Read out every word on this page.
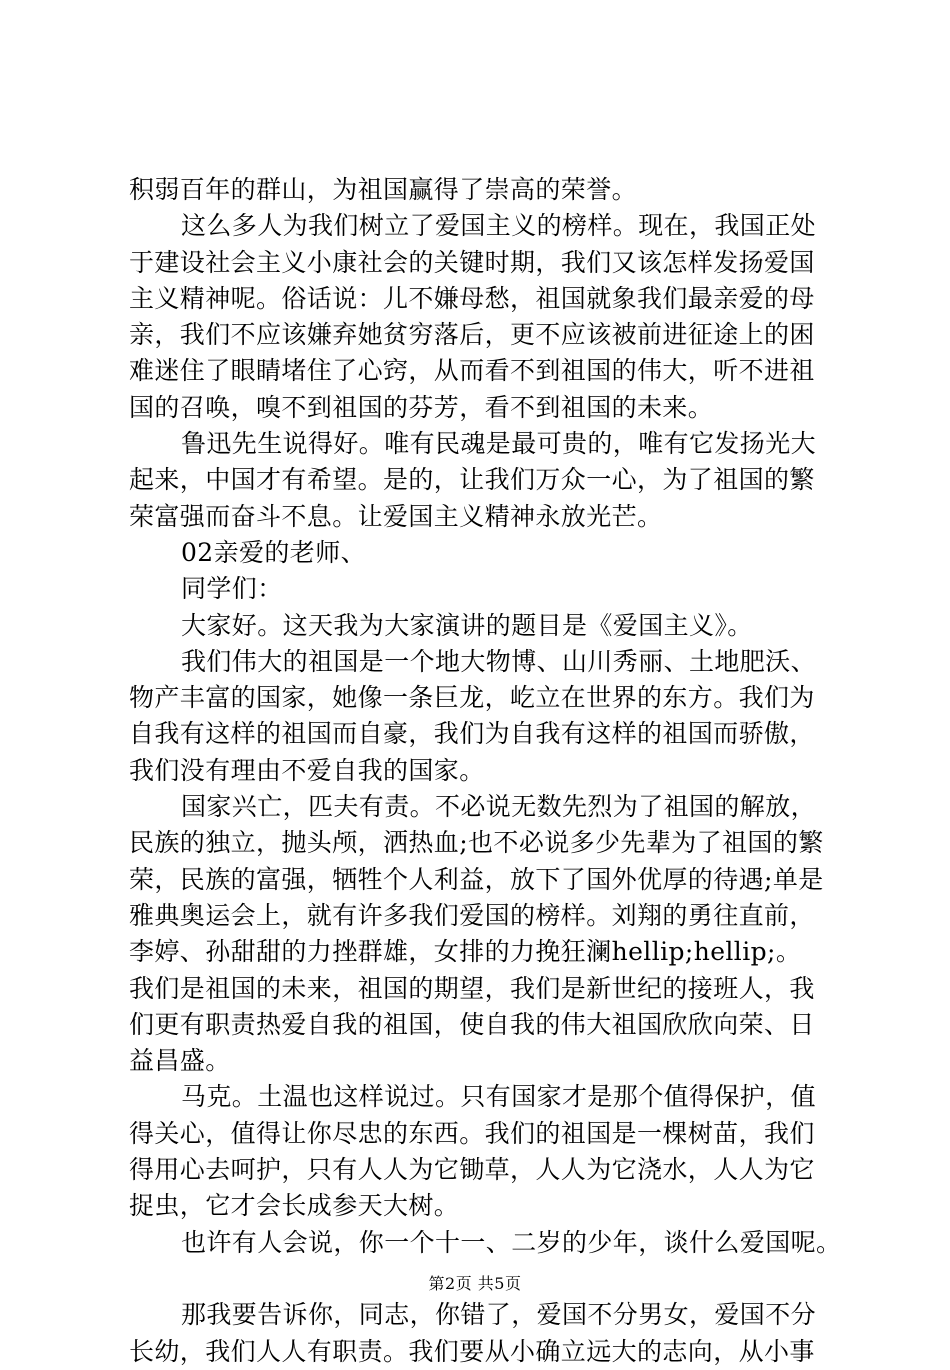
积弱百年的群山，为祖国赢得了崇高的荣誉。
这么多人为我们树立了爱国主义的榜样。现在，我国正处
于建设社会主义小康社会的关键时期，我们又该怎样发扬爱国
主义精神呢。俗话说：儿不嫌母愁，祖国就象我们最亲爱的母
亲，我们不应该嫌弃她贫穷落后，更不应该被前进征途上的困
难迷住了眼睛堵住了心窍，从而看不到祖国的伟大，听不进祖
国的召唤，嗅不到祖国的芬芳，看不到祖国的未来。
鲁迅先生说得好。唯有民魂是最可贵的，唯有它发扬光大
起来，中国才有希望。是的，让我们万众一心，为了祖国的繁
荣富强而奋斗不息。让爱国主义精神永放光芒。
02亲爱的老师、
同学们：
大家好。这天我为大家演讲的题目是《爱国主义》。
我们伟大的祖国是一个地大物博、山川秀丽、土地肥沃、
物产丰富的国家，她像一条巨龙，屹立在世界的东方。我们为
自我有这样的祖国而自豪，我们为自我有这样的祖国而骄傲，
我们没有理由不爱自我的国家。
国家兴亡，匹夫有责。不必说无数先烈为了祖国的解放，
民族的独立，抛头颅，洒热血;也不必说多少先辈为了祖国的繁
荣，民族的富强，牺牲个人利益，放下了国外优厚的待遇;单是
雅典奥运会上，就有许多我们爱国的榜样。刘翔的勇往直前，
李婷、孙甜甜的力挫群雄，女排的力挽狂澜hellip;hellip;。
我们是祖国的未来，祖国的期望，我们是新世纪的接班人，我
们更有职责热爱自我的祖国，使自我的伟大祖国欣欣向荣、日
益昌盛。
马克。土温也这样说过。只有国家才是那个值得保护，值
得关心，值得让你尽忠的东西。我们的祖国是一棵树苗，我们
得用心去呵护，只有人人为它锄草，人人为它浇水，人人为它
捉虫，它才会长成参天大树。
也许有人会说，你一个十一、二岁的少年，谈什么爱国呢。
那我要告诉你，同志，你错了，爱国不分男女，爱国不分
长幼，我们人人有职责。我们要从小确立远大的志向，从小事
第2页 共5页
